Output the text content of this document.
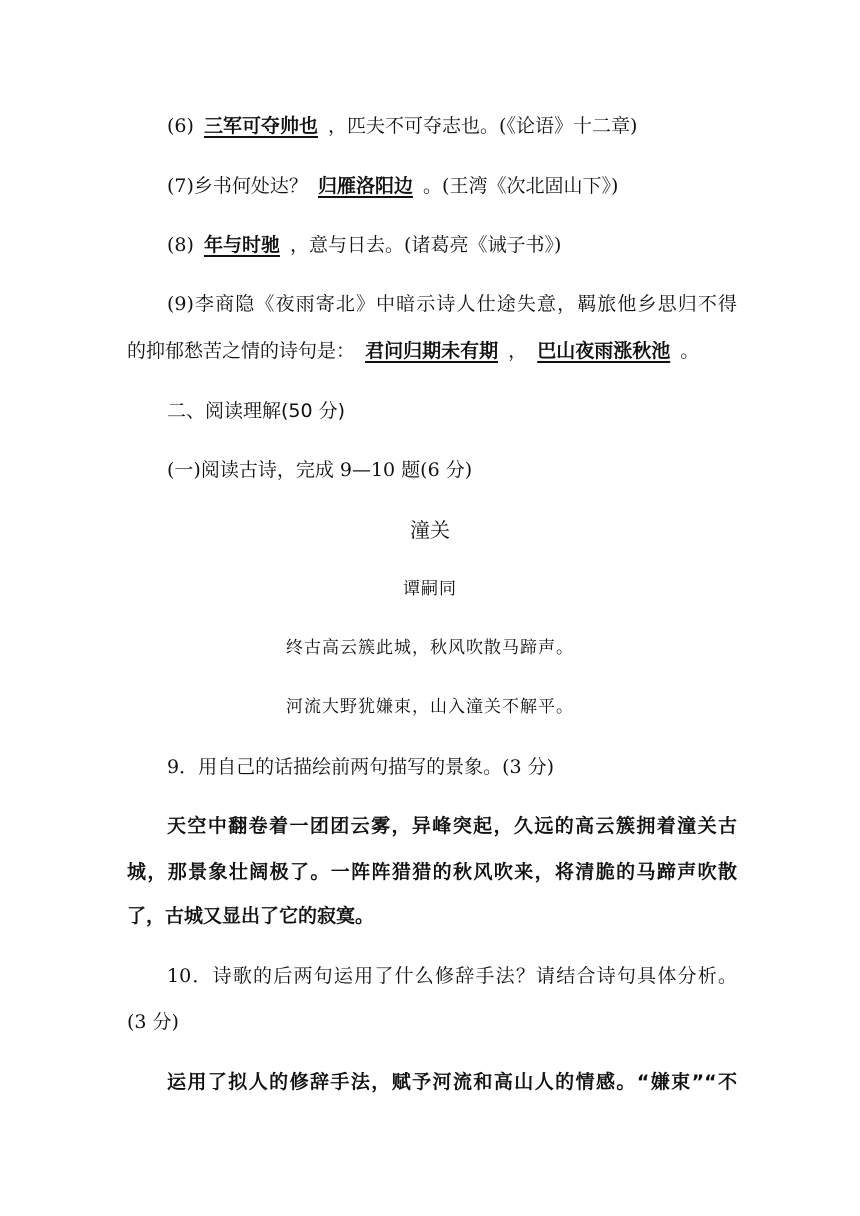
(6) 三军可夺帅也 ，匹夫不可夺志也。(《论语》十二章)
(7)乡书何处达？ 归雁洛阳边 。(王湾《次北固山下》)
(8) 年与时驰 ，意与日去。(诸葛亮《诫子书》)
(9)李商隐《夜雨寄北》中暗示诗人仕途失意，羁旅他乡思归不得
的抑郁愁苦之情的诗句是： 君问归期未有期 ， 巴山夜雨涨秋池 。
二、阅读理解(50 分)
(一)阅读古诗，完成 9—10 题(6 分)
潼关
谭嗣同
终古高云簇此城，秋风吹散马蹄声。
河流大野犹嫌束，山入潼关不解平。
9．用自己的话描绘前两句描写的景象。(3 分)
天空中翻卷着一团团云雾，异峰突起，久远的高云簇拥着潼关古
城，那景象壮阔极了。一阵阵猎猎的秋风吹来，将清脆的马蹄声吹散
了，古城又显出了它的寂寞。
10．诗歌的后两句运用了什么修辞手法？请结合诗句具体分析。
(3 分)
运用了拟人的修辞手法，赋予河流和高山人的情感。“嫌束”“不
